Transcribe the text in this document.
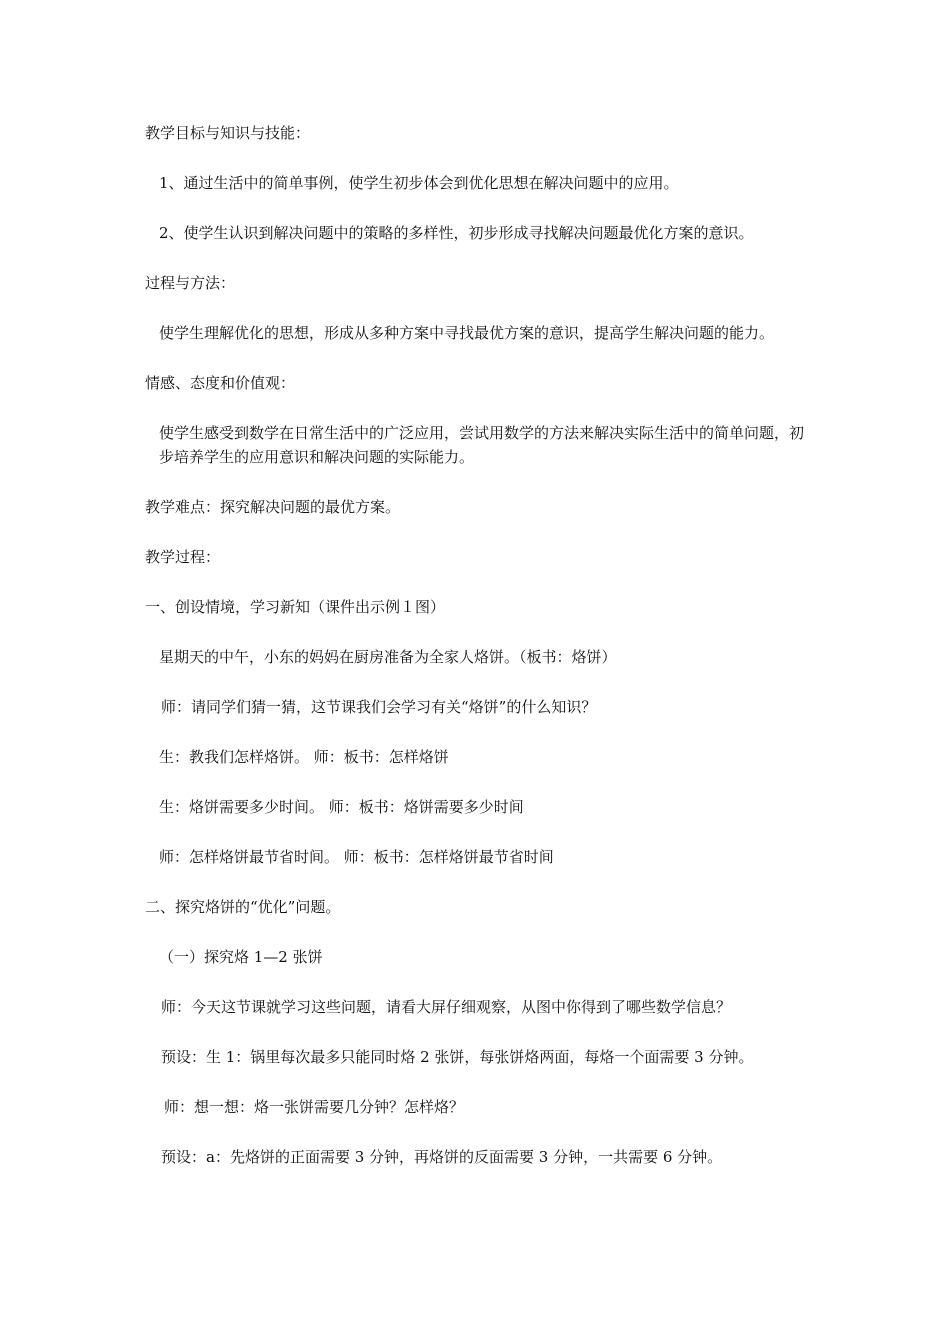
教学目标与知识与技能：

1、通过生活中的简单事例，使学生初步体会到优化思想在解决问题中的应用。

2、使学生认识到解决问题中的策略的多样性，初步形成寻找解决问题最优化方案的意识。

过程与方法：

使学生理解优化的思想，形成从多种方案中寻找最优方案的意识，提高学生解决问题的能力。

情感、态度和价值观：

使学生感受到数学在日常生活中的广泛应用，尝试用数学的方法来解决实际生活中的简单问题，初步培养学生的应用意识和解决问题的实际能力。

教学难点：探究解决问题的最优方案。

教学过程：

一、创设情境，学习新知（课件出示例１图）

星期天的中午，小东的妈妈在厨房准备为全家人烙饼。（板书：烙饼）

师：请同学们猜一猜，这节课我们会学习有关“烙饼”的什么知识？

生：教我们怎样烙饼。 师：板书：怎样烙饼

生：烙饼需要多少时间。 师：板书：烙饼需要多少时间

师：怎样烙饼最节省时间。 师：板书：怎样烙饼最节省时间

二、探究烙饼的“优化”问题。

（一）探究烙 1—2 张饼

师：今天这节课就学习这些问题，请看大屏仔细观察，从图中你得到了哪些数学信息？

预设：生 1：锅里每次最多只能同时烙 2 张饼，每张饼烙两面，每烙一个面需要 3 分钟。

师：想一想：烙一张饼需要几分钟？怎样烙？

预设：a：先烙饼的正面需要 3 分钟，再烙饼的反面需要 3 分钟，一共需要 6 分钟。
